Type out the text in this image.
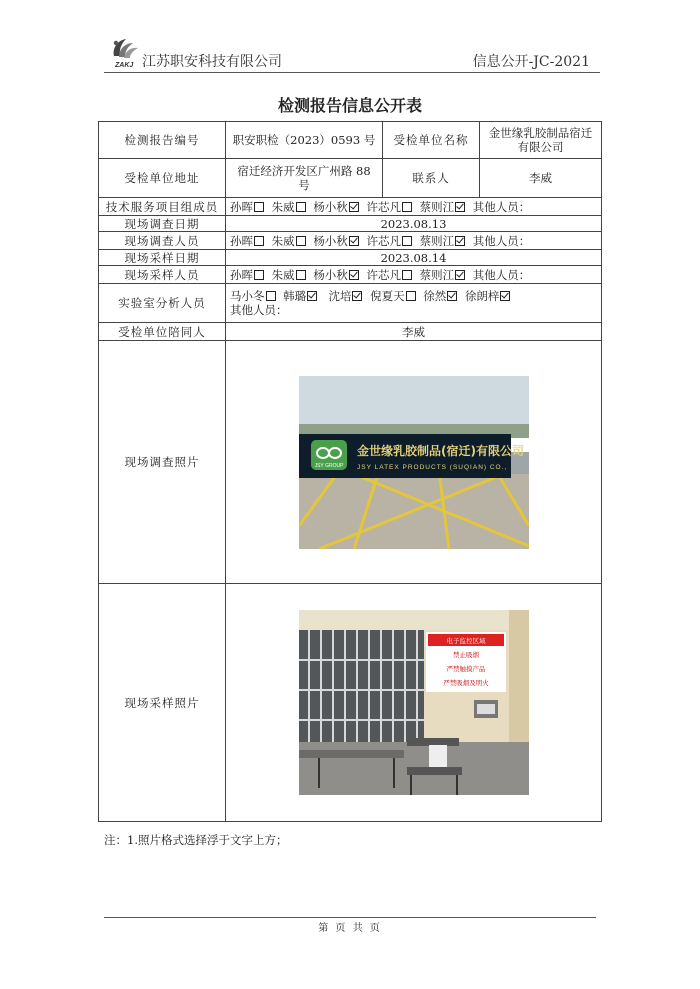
ZAKJ 江苏职安科技有限公司	信息公开-JC-2021
检测报告信息公开表
检测报告编号	职安职检（2023）0593 号	受检单位名称	金世缘乳胶制品宿迁有限公司
受检单位地址	宿迁经济开发区广州路 88 号	联系人	李威
技术服务项目组成员	孙晖 朱威 杨小秋 许芯凡 蔡则江 其他人员：		
现场调查日期	2023.08.13		
现场调查人员	孙晖 朱威 杨小秋 许芯凡 蔡则江 其他人员：		
现场采样日期	2023.08.14		
现场采样人员	孙晖 朱威 杨小秋 许芯凡 蔡则江 其他人员：		
实验室分析人员	马小冬 韩璐 沈培 倪夏天 徐然 徐朗梓
其他人员：		

受检单位陪同人	李威		
现场调查照片	JSY GROUP
金世缘乳胶制品(宿迁)有限公司
JSY LATEX PRODUCTS (SUQIAN) CO.,		

现场采样照片	电子监控区域
禁止吸烟
严禁触摸产品
严禁吸烟及明火		
注：1.照片格式选择浮于文字上方；
第 页 共 页
